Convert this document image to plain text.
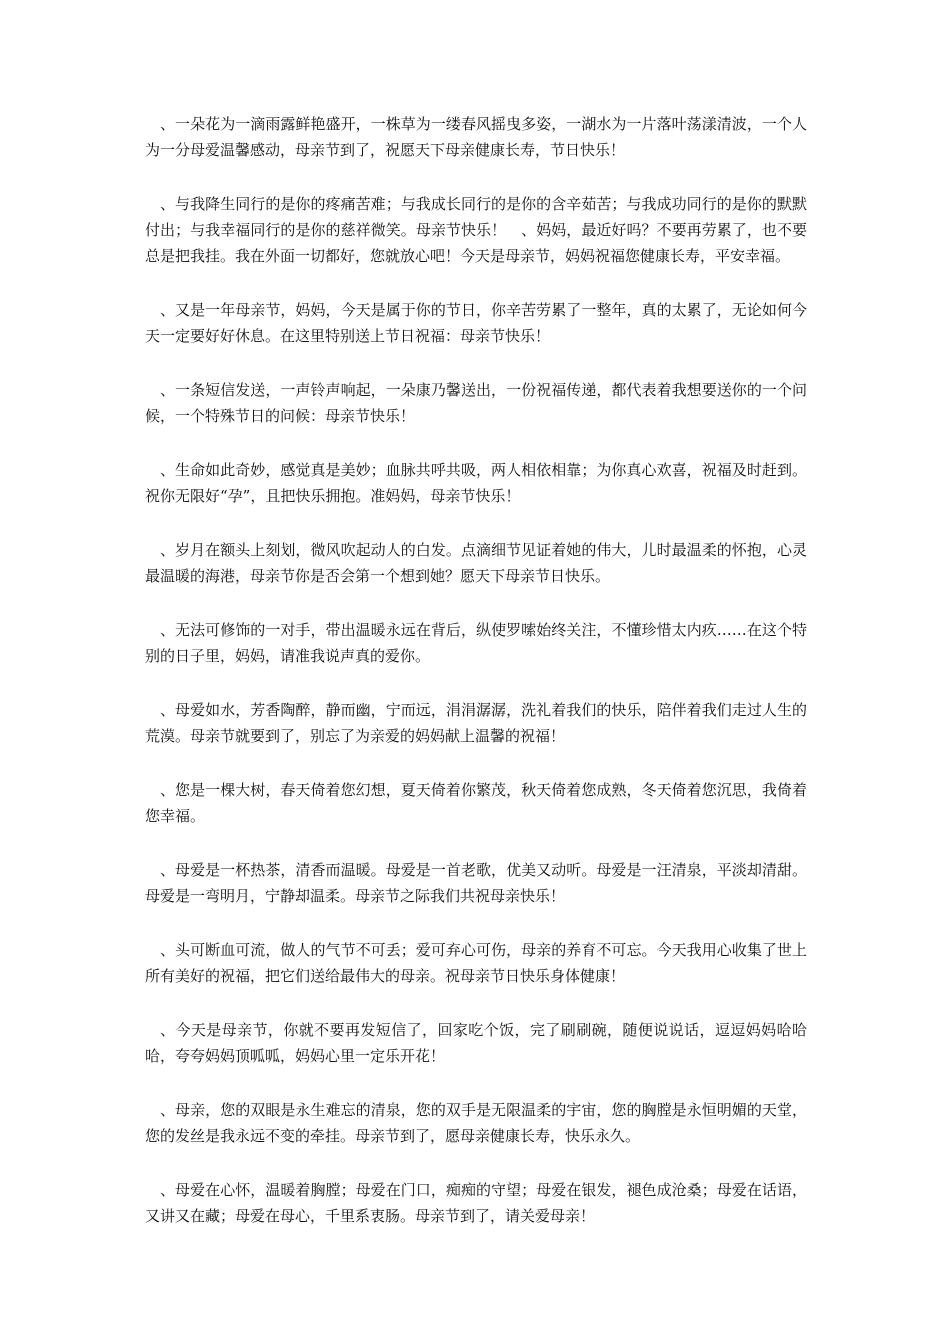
、一朵花为一滴雨露鲜艳盛开，一株草为一缕春风摇曳多姿，一湖水为一片落叶荡漾清波，一个人为一分母爱温馨感动，母亲节到了，祝愿天下母亲健康长寿，节日快乐！

、与我降生同行的是你的疼痛苦难；与我成长同行的是你的含辛茹苦；与我成功同行的是你的默默付出；与我幸福同行的是你的慈祥微笑。母亲节快乐！　、妈妈，最近好吗？不要再劳累了，也不要总是把我挂。我在外面一切都好，您就放心吧！今天是母亲节，妈妈祝福您健康长寿，平安幸福。

、又是一年母亲节，妈妈，今天是属于你的节日，你辛苦劳累了一整年，真的太累了，无论如何今天一定要好好休息。在这里特别送上节日祝福：母亲节快乐！

、一条短信发送，一声铃声响起，一朵康乃馨送出，一份祝福传递，都代表着我想要送你的一个问候，一个特殊节日的问候：母亲节快乐！

、生命如此奇妙，感觉真是美妙；血脉共呼共吸，两人相依相靠；为你真心欢喜，祝福及时赶到。祝你无限好“孕”，且把快乐拥抱。准妈妈，母亲节快乐！

、岁月在额头上刻划，微风吹起动人的白发。点滴细节见证着她的伟大，儿时最温柔的怀抱，心灵最温暖的海港，母亲节你是否会第一个想到她？愿天下母亲节日快乐。

、无法可修饰的一对手，带出温暖永远在背后，纵使罗嗦始终关注，不懂珍惜太内疚……在这个特别的日子里，妈妈，请准我说声真的爱你。

、母爱如水，芳香陶醉，静而幽，宁而远，涓涓潺潺，洗礼着我们的快乐，陪伴着我们走过人生的荒漠。母亲节就要到了，别忘了为亲爱的妈妈献上温馨的祝福！

、您是一棵大树，春天倚着您幻想，夏天倚着你繁茂，秋天倚着您成熟，冬天倚着您沉思，我倚着您幸福。

、母爱是一杯热茶，清香而温暖。母爱是一首老歌，优美又动听。母爱是一汪清泉，平淡却清甜。母爱是一弯明月，宁静却温柔。母亲节之际我们共祝母亲快乐！

、头可断血可流，做人的气节不可丢；爱可弃心可伤，母亲的养育不可忘。今天我用心收集了世上所有美好的祝福，把它们送给最伟大的母亲。祝母亲节日快乐身体健康！

、今天是母亲节，你就不要再发短信了，回家吃个饭，完了刷刷碗，随便说说话，逗逗妈妈哈哈哈，夸夸妈妈顶呱呱，妈妈心里一定乐开花！

、母亲，您的双眼是永生难忘的清泉，您的双手是无限温柔的宇宙，您的胸膛是永恒明媚的天堂，您的发丝是我永远不变的牵挂。母亲节到了，愿母亲健康长寿，快乐永久。

、母爱在心怀，温暖着胸膛；母爱在门口，痴痴的守望；母爱在银发，褪色成沧桑；母爱在话语，又讲又在藏；母爱在母心，千里系衷肠。母亲节到了，请关爱母亲！
